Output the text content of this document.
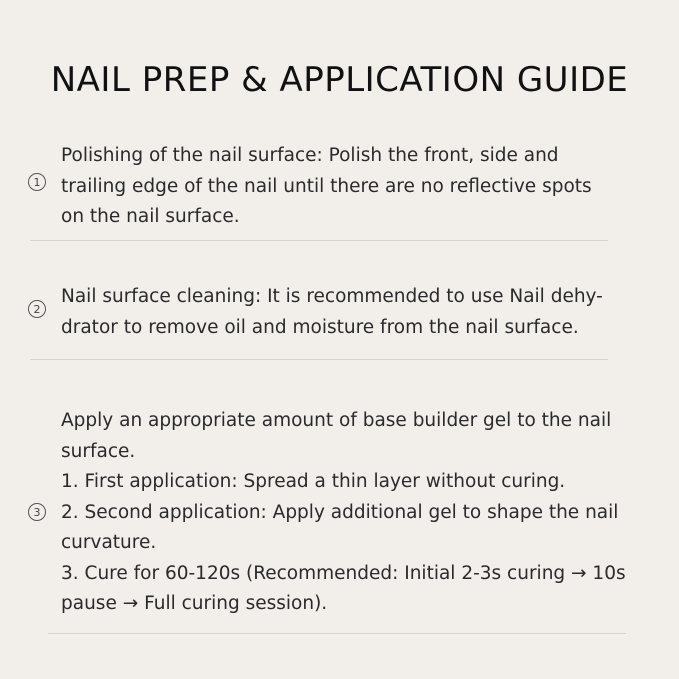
NAIL PREP & APPLICATION GUIDE
1
Polishing of the nail surface: Polish the front, side and
trailing edge of the nail until there are no reflective spots
on the nail surface.
2
Nail surface cleaning: It is recommended to use Nail dehy-
drator to remove oil and moisture from the nail surface.
3
Apply an appropriate amount of base builder gel to the nail
surface.
1. First application: Spread a thin layer without curing.
2. Second application: Apply additional gel to shape the nail
curvature.
3. Cure for 60-120s (Recommended: Initial 2-3s curing → 10s
pause → Full curing session).
